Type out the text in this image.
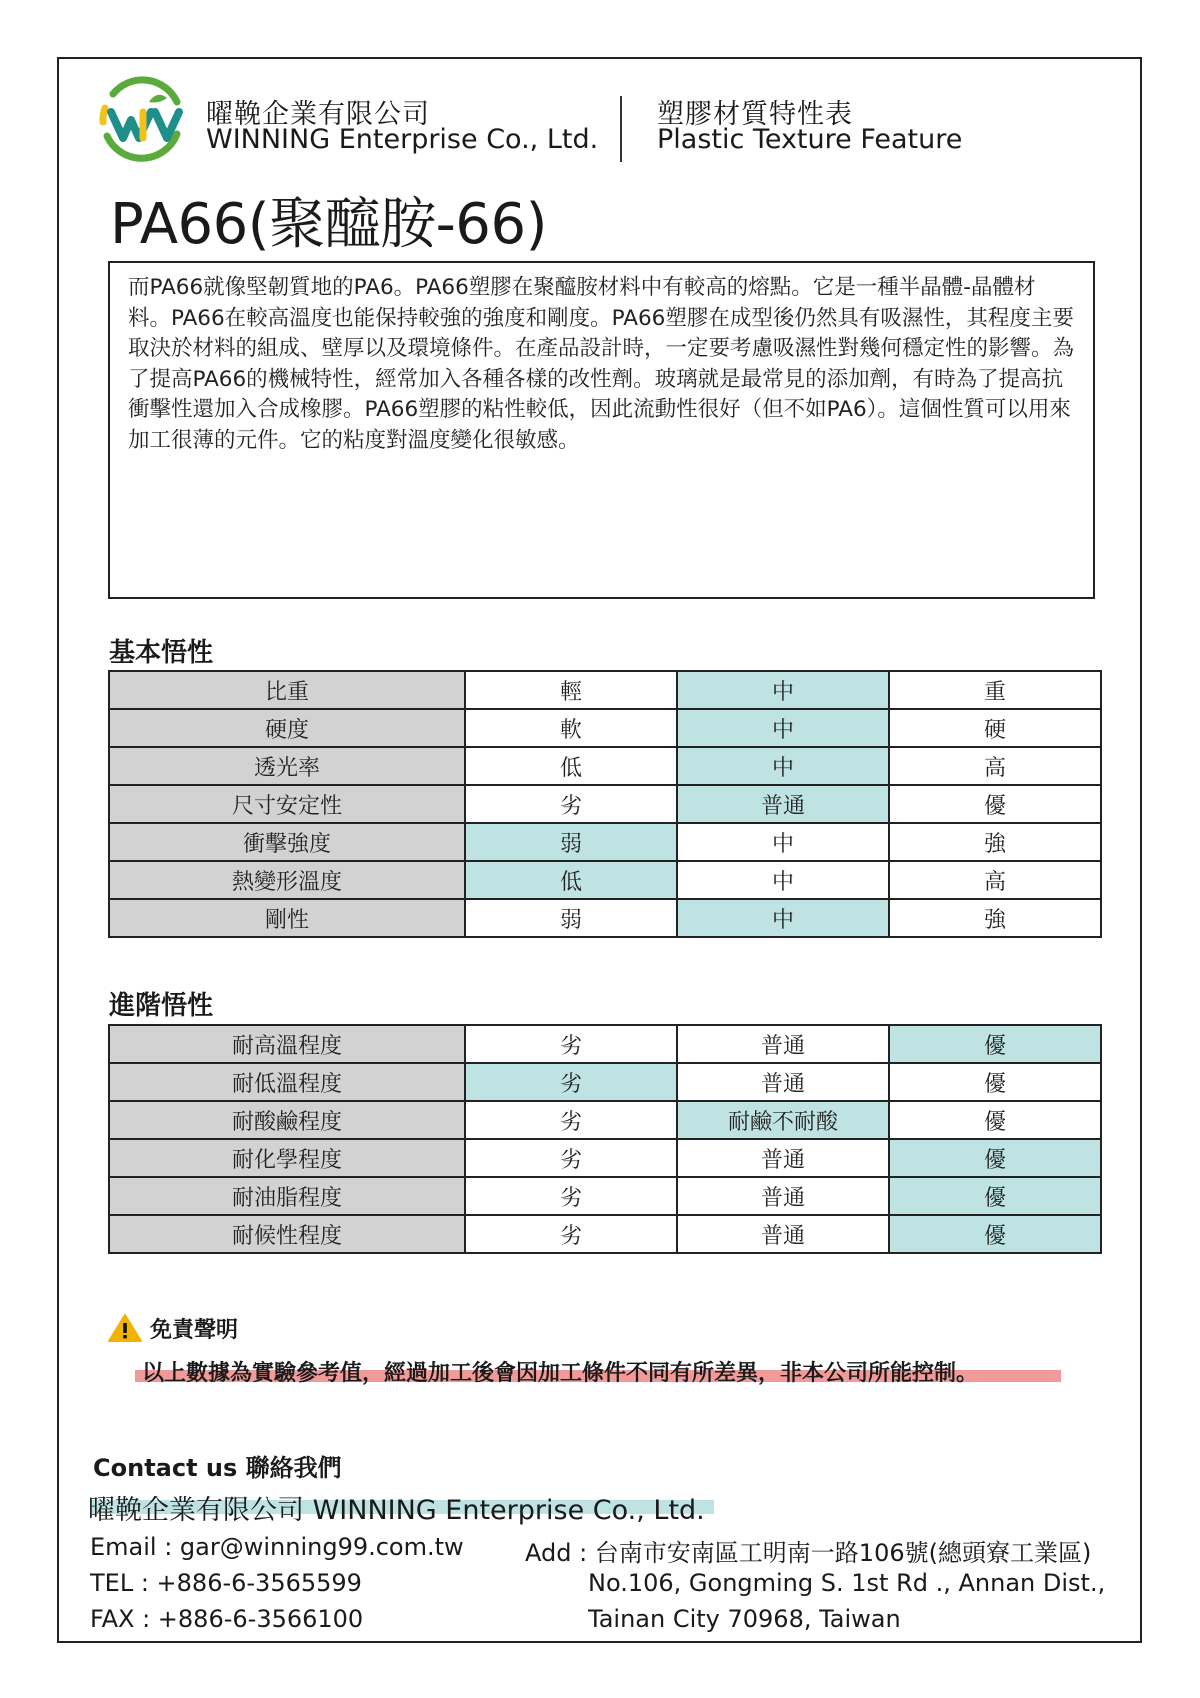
曜鞔企業有限公司
WINNING Enterprise Co., Ltd.
塑膠材質特性表
Plastic Texture Feature
PA66(聚醯胺-66)
而PA66就像堅韌質地的PA6。PA66塑膠在聚醯胺材料中有較高的熔點。它是一種半晶體-晶體材料。PA66在較高溫度也能保持較強的強度和剛度。PA66塑膠在成型後仍然具有吸濕性，其程度主要取決於材料的組成、壁厚以及環境條件。在產品設計時，一定要考慮吸濕性對幾何穩定性的影響。為了提高PA66的機械特性，經常加入各種各樣的改性劑。玻璃就是最常見的添加劑，有時為了提高抗衝擊性還加入合成橡膠。PA66塑膠的粘性較低，因此流動性很好（但不如PA6）。這個性質可以用來加工很薄的元件。它的粘度對溫度變化很敏感。
基本悟性
比重	輕	中	重
硬度	軟	中	硬
透光率	低	中	高
尺寸安定性	劣	普通	優
衝擊強度	弱	中	強
熱變形溫度	低	中	高
剛性	弱	中	強
進階悟性
耐高溫程度	劣	普通	優
耐低溫程度	劣	普通	優
耐酸鹼程度	劣	耐鹼不耐酸	優
耐化學程度	劣	普通	優
耐油脂程度	劣	普通	優
耐候性程度	劣	普通	優
免責聲明
以上數據為實驗參考值，經過加工後會因加工條件不同有所差異，非本公司所能控制。
Contact us 聯絡我們
曜鞔企業有限公司 WINNING Enterprise Co., Ltd.
Email : gar@winning99.com.tw
TEL : +886-6-3565599
FAX : +886-6-3566100
Add : 台南市安南區工明南一路106號(總頭寮工業區)
No.106, Gongming S. 1st Rd ., Annan Dist.,
Tainan City 70968, Taiwan
